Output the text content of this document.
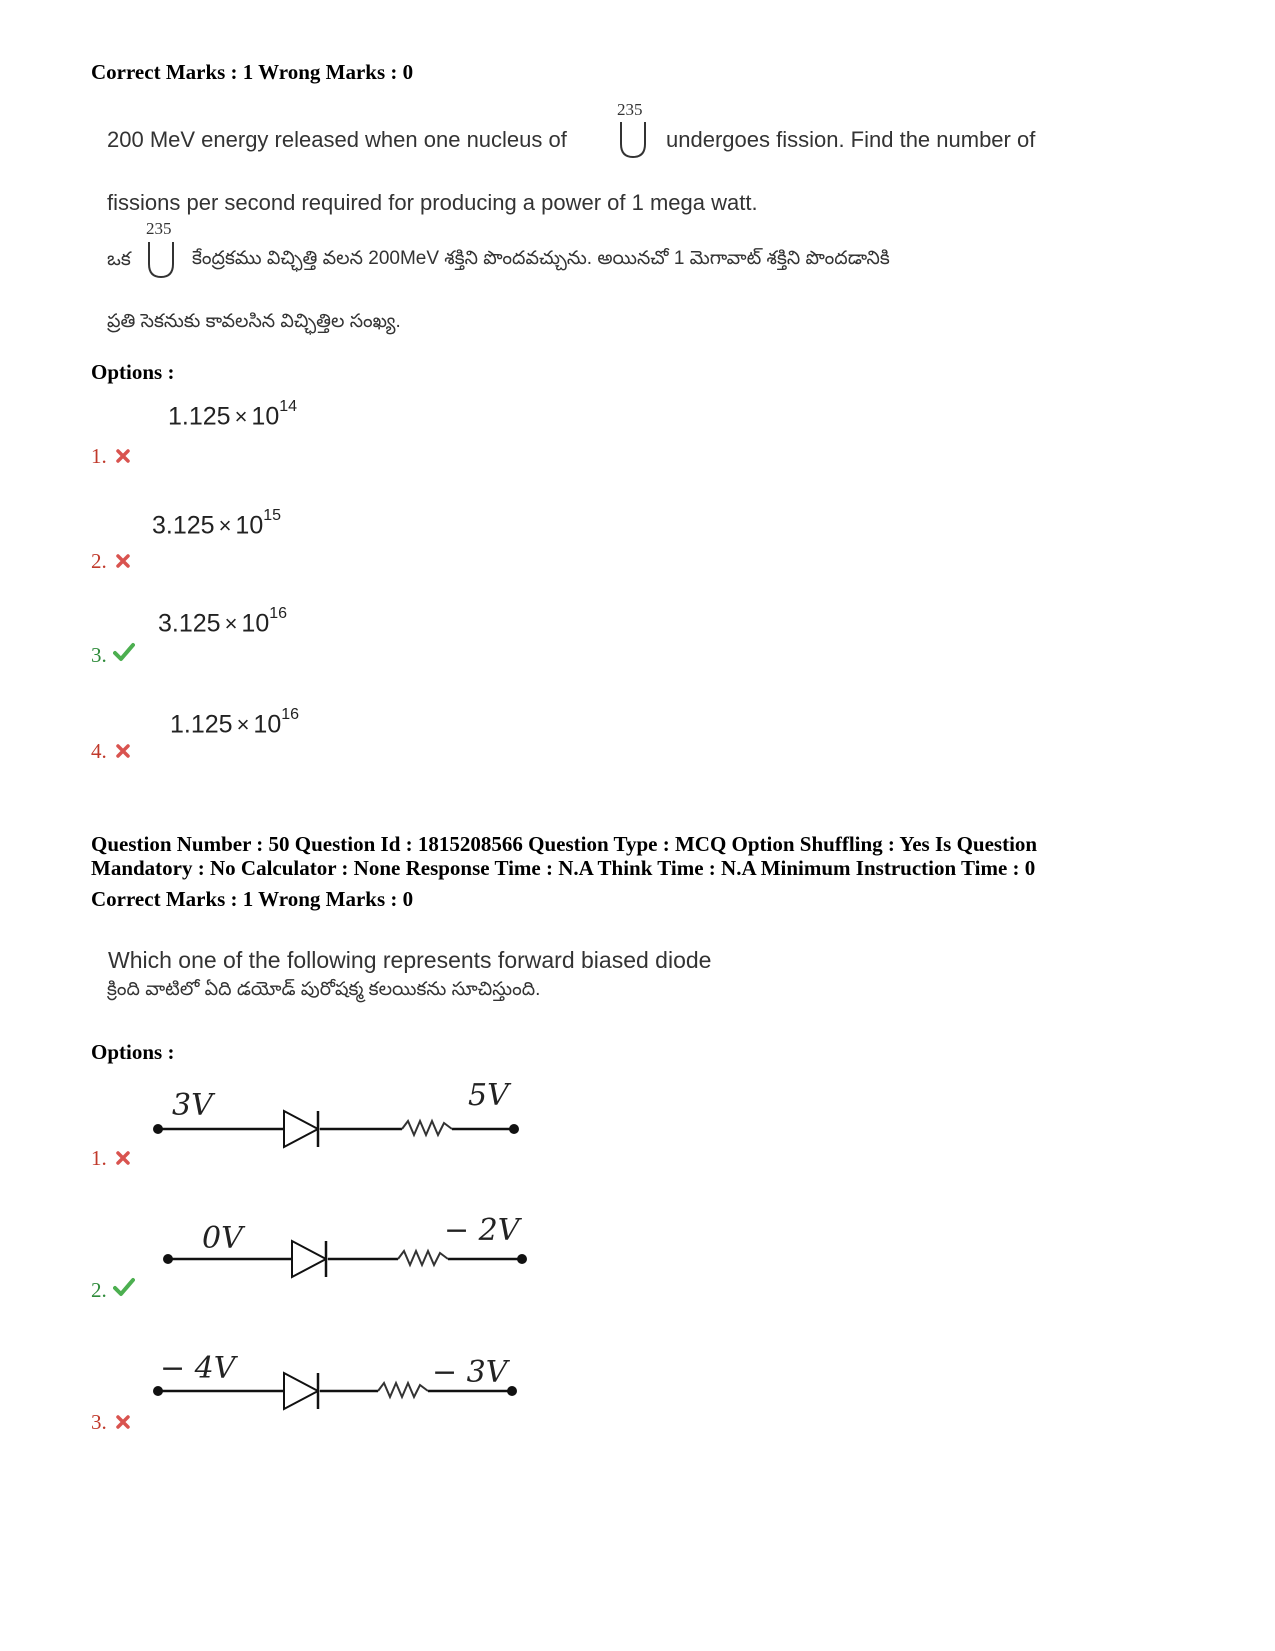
Correct Marks : 1 Wrong Marks : 0
200 MeV energy released when one nucleus of
235
undergoes fission. Find the number of
fissions per second required for producing a power of 1 mega watt.
235
ఒక	కేంద్రకము విచ్ఛిత్తి వలన 200MeV శక్తిని పొందవచ్చును. అయినచో 1 మెగావాట్ శక్తిని పొందడానికి
ప్రతి సెకనుకు కావలసిన విచ్ఛిత్తిల సంఖ్య.
Options :
$1.125 \times 10^{14}$
1.
$3.125 \times 10^{15}$
2.
$3.125 \times 10^{16}$
3.
$1.125 \times 10^{16}$
4.
Question Number : 50 Question Id : 1815208566 Question Type : MCQ Option Shuffling : Yes Is Question
Mandatory : No Calculator : None Response Time : N.A Think Time : N.A Minimum Instruction Time : 0
Correct Marks : 1 Wrong Marks : 0
Which one of the following represents forward biased diode
క్రింది వాటిలో ఏది డయోడ్ పురోషక్మ కలయికను సూచిస్తుంది.
Options :
3V	5V
1.
0V	− 2V
2.
− 4V	− 3V
3.
